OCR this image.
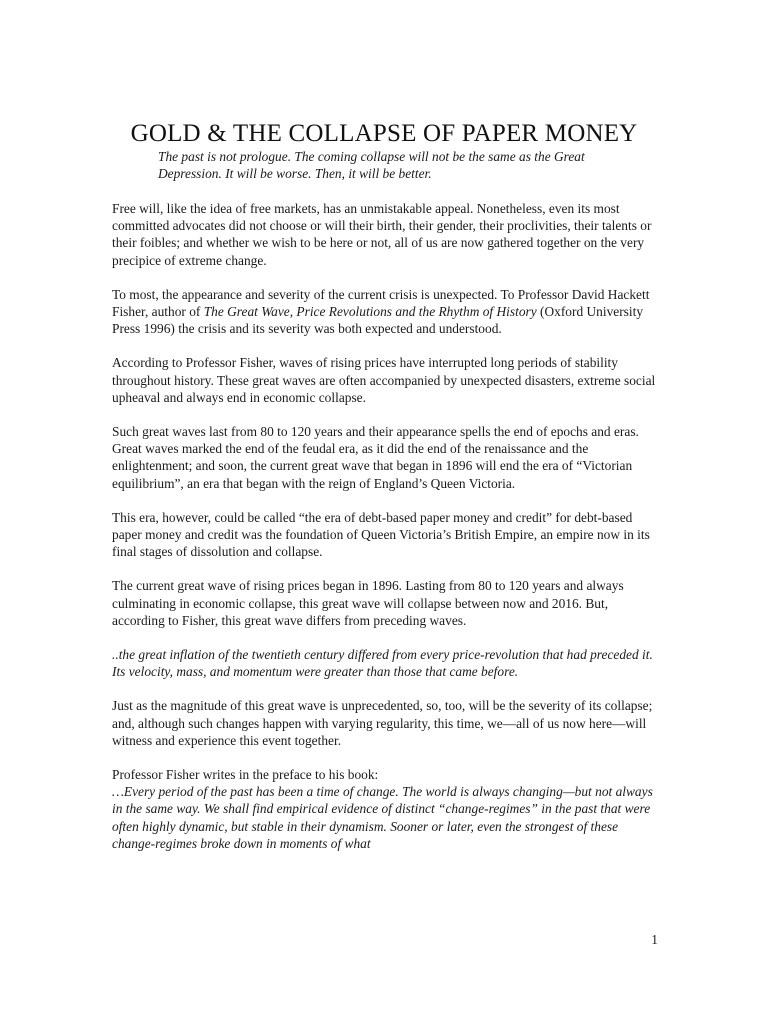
GOLD & THE COLLAPSE OF PAPER MONEY

The past is not prologue. The coming collapse will not be the same as the Great Depression. It will be worse. Then, it will be better.

Free will, like the idea of free markets, has an unmistakable appeal. Nonetheless, even its most committed advocates did not choose or will their birth, their gender, their proclivities, their talents or their foibles; and whether we wish to be here or not, all of us are now gathered together on the very precipice of extreme change.

To most, the appearance and severity of the current crisis is unexpected. To Professor David Hackett Fisher, author of The Great Wave, Price Revolutions and the Rhythm of History (Oxford University Press 1996) the crisis and its severity was both expected and understood.

According to Professor Fisher, waves of rising prices have interrupted long periods of stability throughout history. These great waves are often accompanied by unexpected disasters, extreme social upheaval and always end in economic collapse.

Such great waves last from 80 to 120 years and their appearance spells the end of epochs and eras. Great waves marked the end of the feudal era, as it did the end of the renaissance and the enlightenment; and soon, the current great wave that began in 1896 will end the era of “Victorian equilibrium”, an era that began with the reign of England’s Queen Victoria.

This era, however, could be called “the era of debt-based paper money and credit” for debt-based paper money and credit was the foundation of Queen Victoria’s British Empire, an empire now in its final stages of dissolution and collapse.

The current great wave of rising prices began in 1896. Lasting from 80 to 120 years and always culminating in economic collapse, this great wave will collapse between now and 2016. But, according to Fisher, this great wave differs from preceding waves.

..the great inflation of the twentieth century differed from every price-revolution that had preceded it. Its velocity, mass, and momentum were greater than those that came before.

Just as the magnitude of this great wave is unprecedented, so, too, will be the severity of its collapse; and, although such changes happen with varying regularity, this time, we—all of us now here—will witness and experience this event together.

Professor Fisher writes in the preface to his book:

…Every period of the past has been a time of change. The world is always changing—but not always in the same way. We shall find empirical evidence of distinct “change-regimes” in the past that were often highly dynamic, but stable in their dynamism. Sooner or later, even the strongest of these change-regimes broke down in moments of what

1
